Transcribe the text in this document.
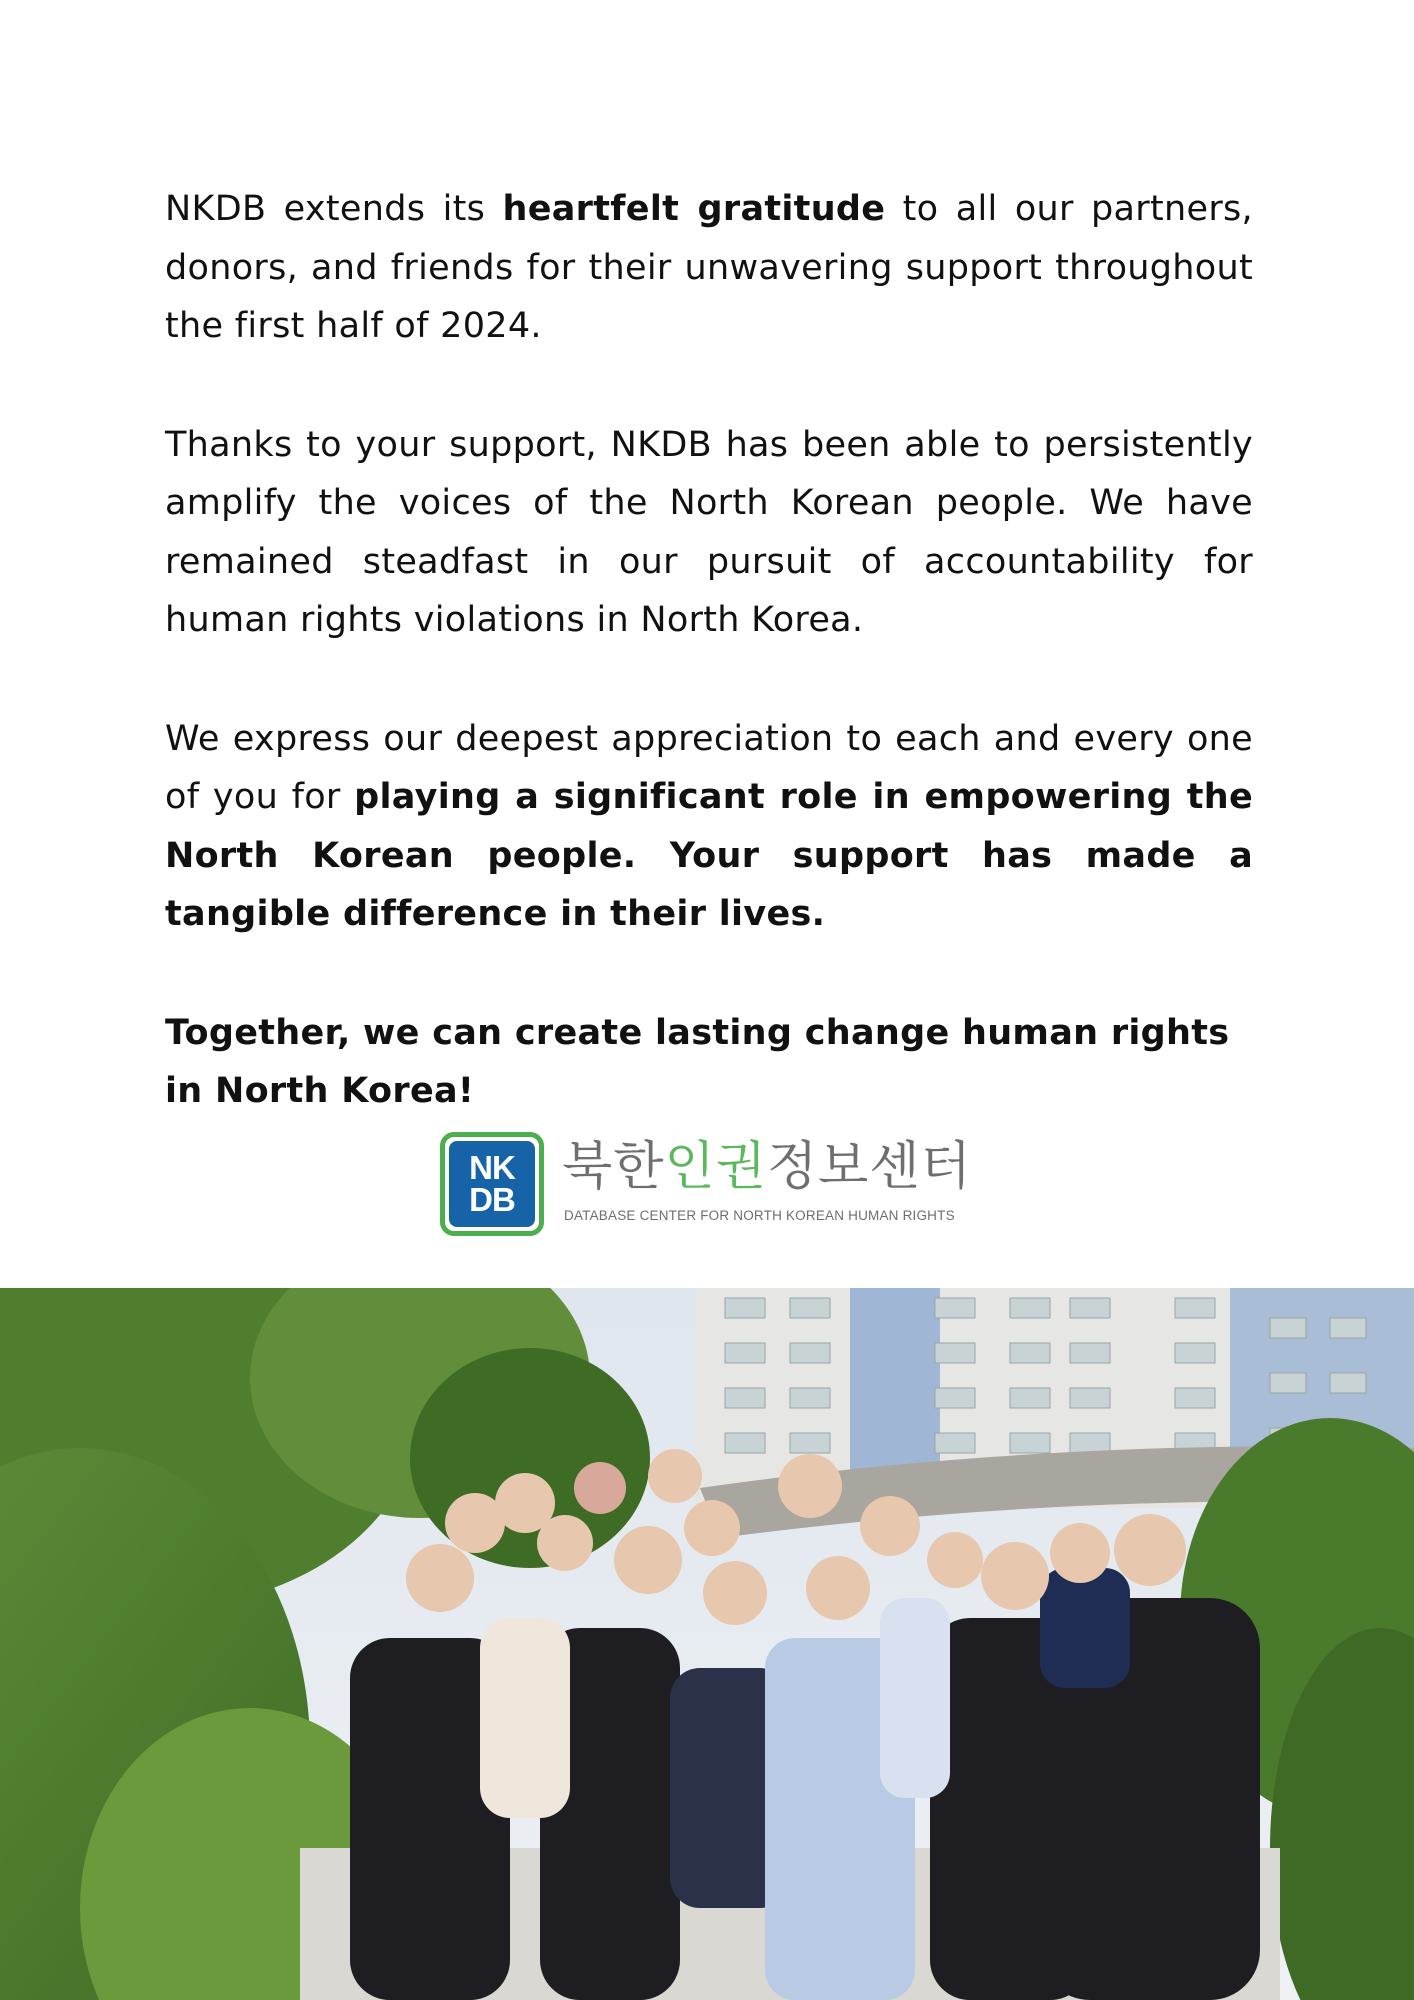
NKDB extends its heartfelt gratitude to all our partners, donors, and friends for their unwavering support throughout the first half of 2024.

Thanks to your support, NKDB has been able to persistently amplify the voices of the North Korean people. We have remained steadfast in our pursuit of accountability for human rights violations in North Korea.

We express our deepest appreciation to each and every one of you for playing a significant role in empowering the North Korean people. Your support has made a tangible difference in their lives.

Together, we can create lasting change human rights in North Korea!

NK
DB
북한인권정보센터
DATABASE CENTER FOR NORTH KOREAN HUMAN RIGHTS
